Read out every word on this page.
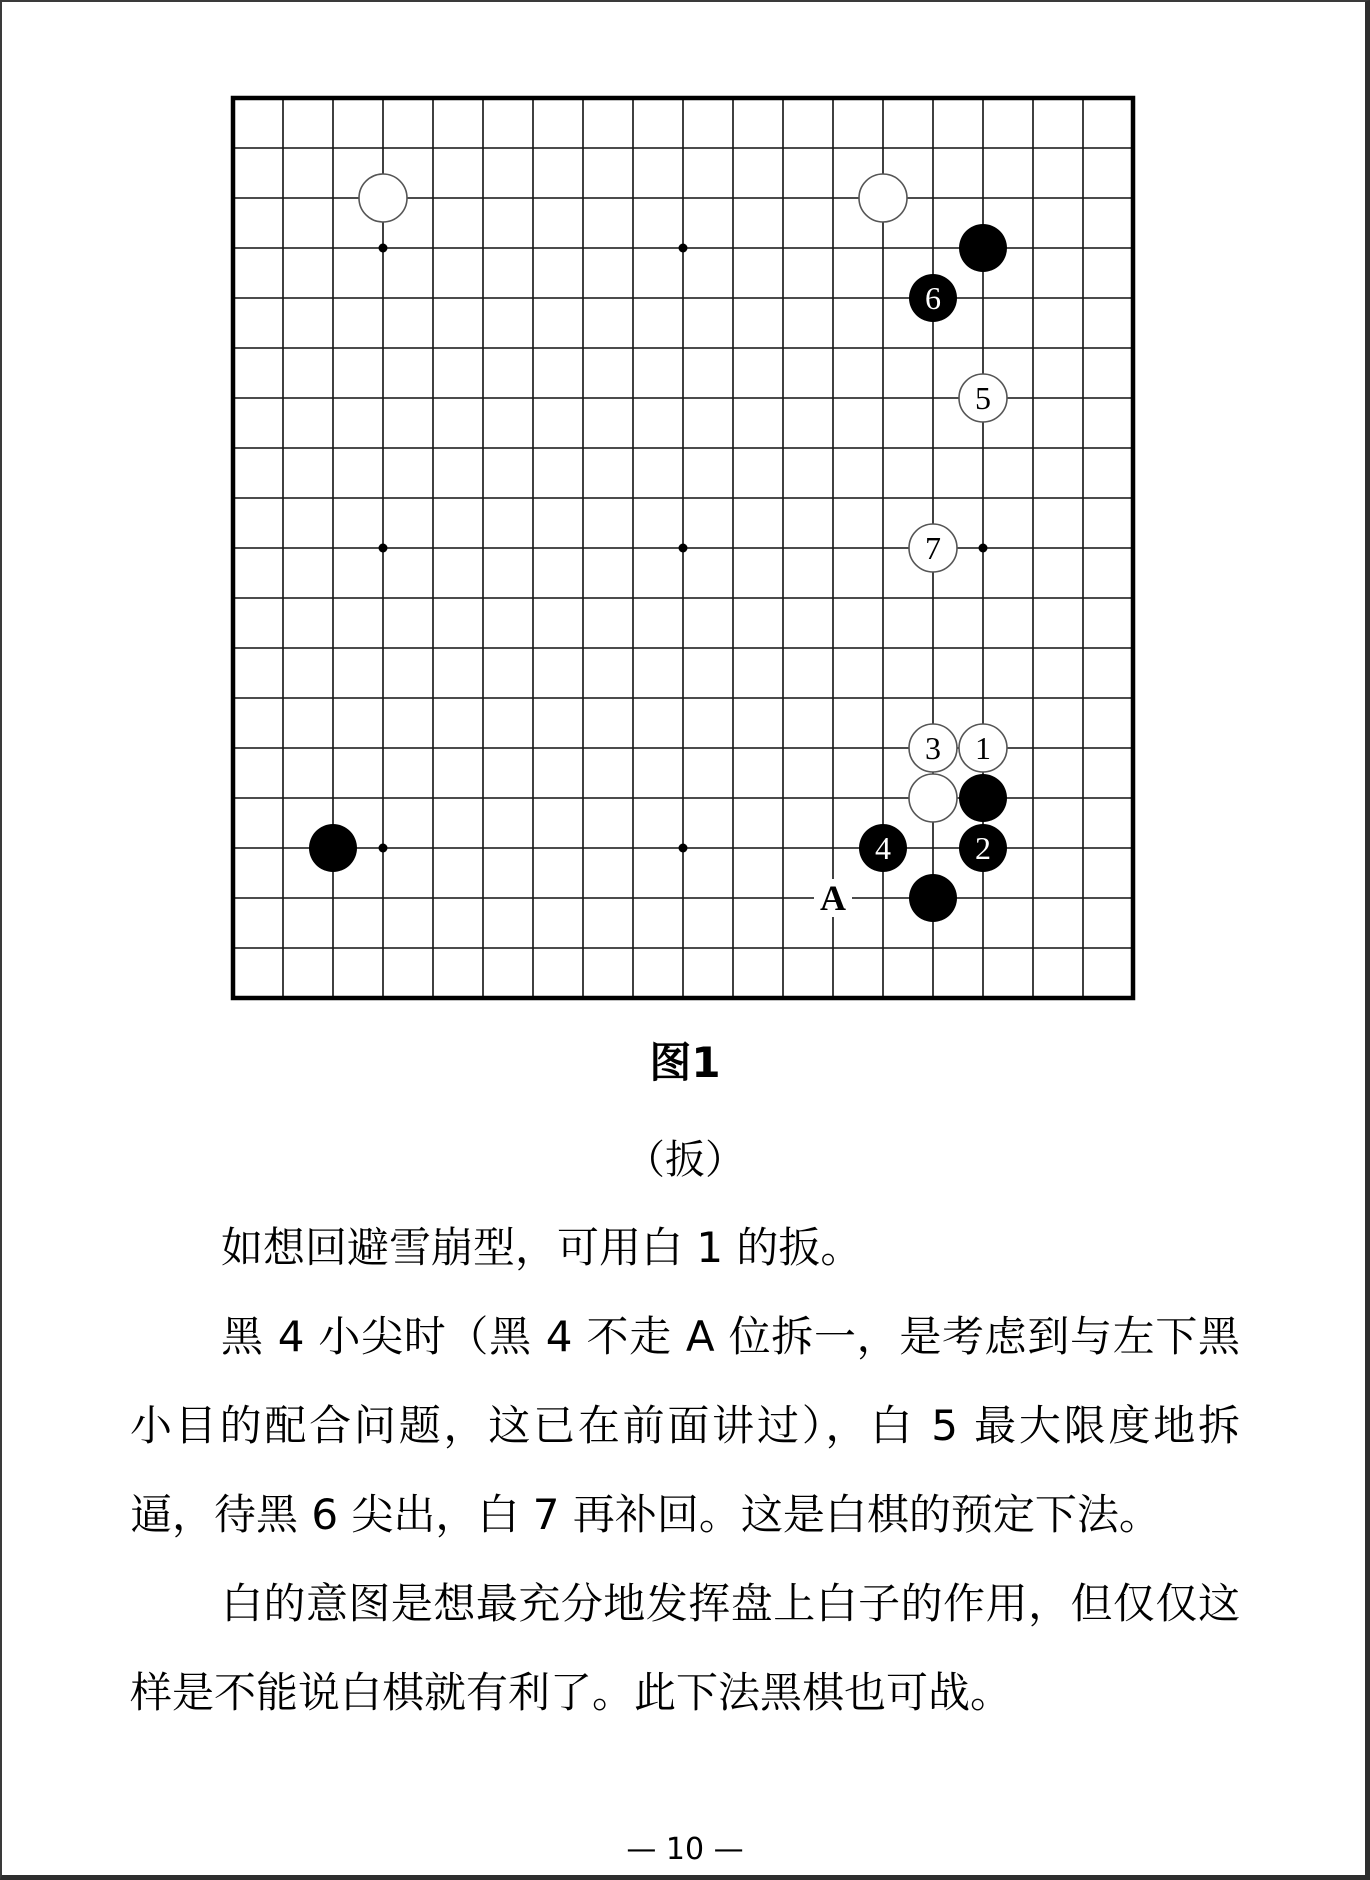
A
6
5
7
3 1
4	2
图1
（扳）

如想回避雪崩型，可用白 1 的扳。

黑 4 小尖时（黑 4 不走 A 位拆一，是考虑到与左下黑小目的配合问题，这已在前面讲过），白 5 最大限度地拆逼，待黑 6 尖出，白 7 再补回。这是白棋的预定下法。

白的意图是想最充分地发挥盘上白子的作用，但仅仅这样是不能说白棋就有利了。此下法黑棋也可战。

— 10 —
